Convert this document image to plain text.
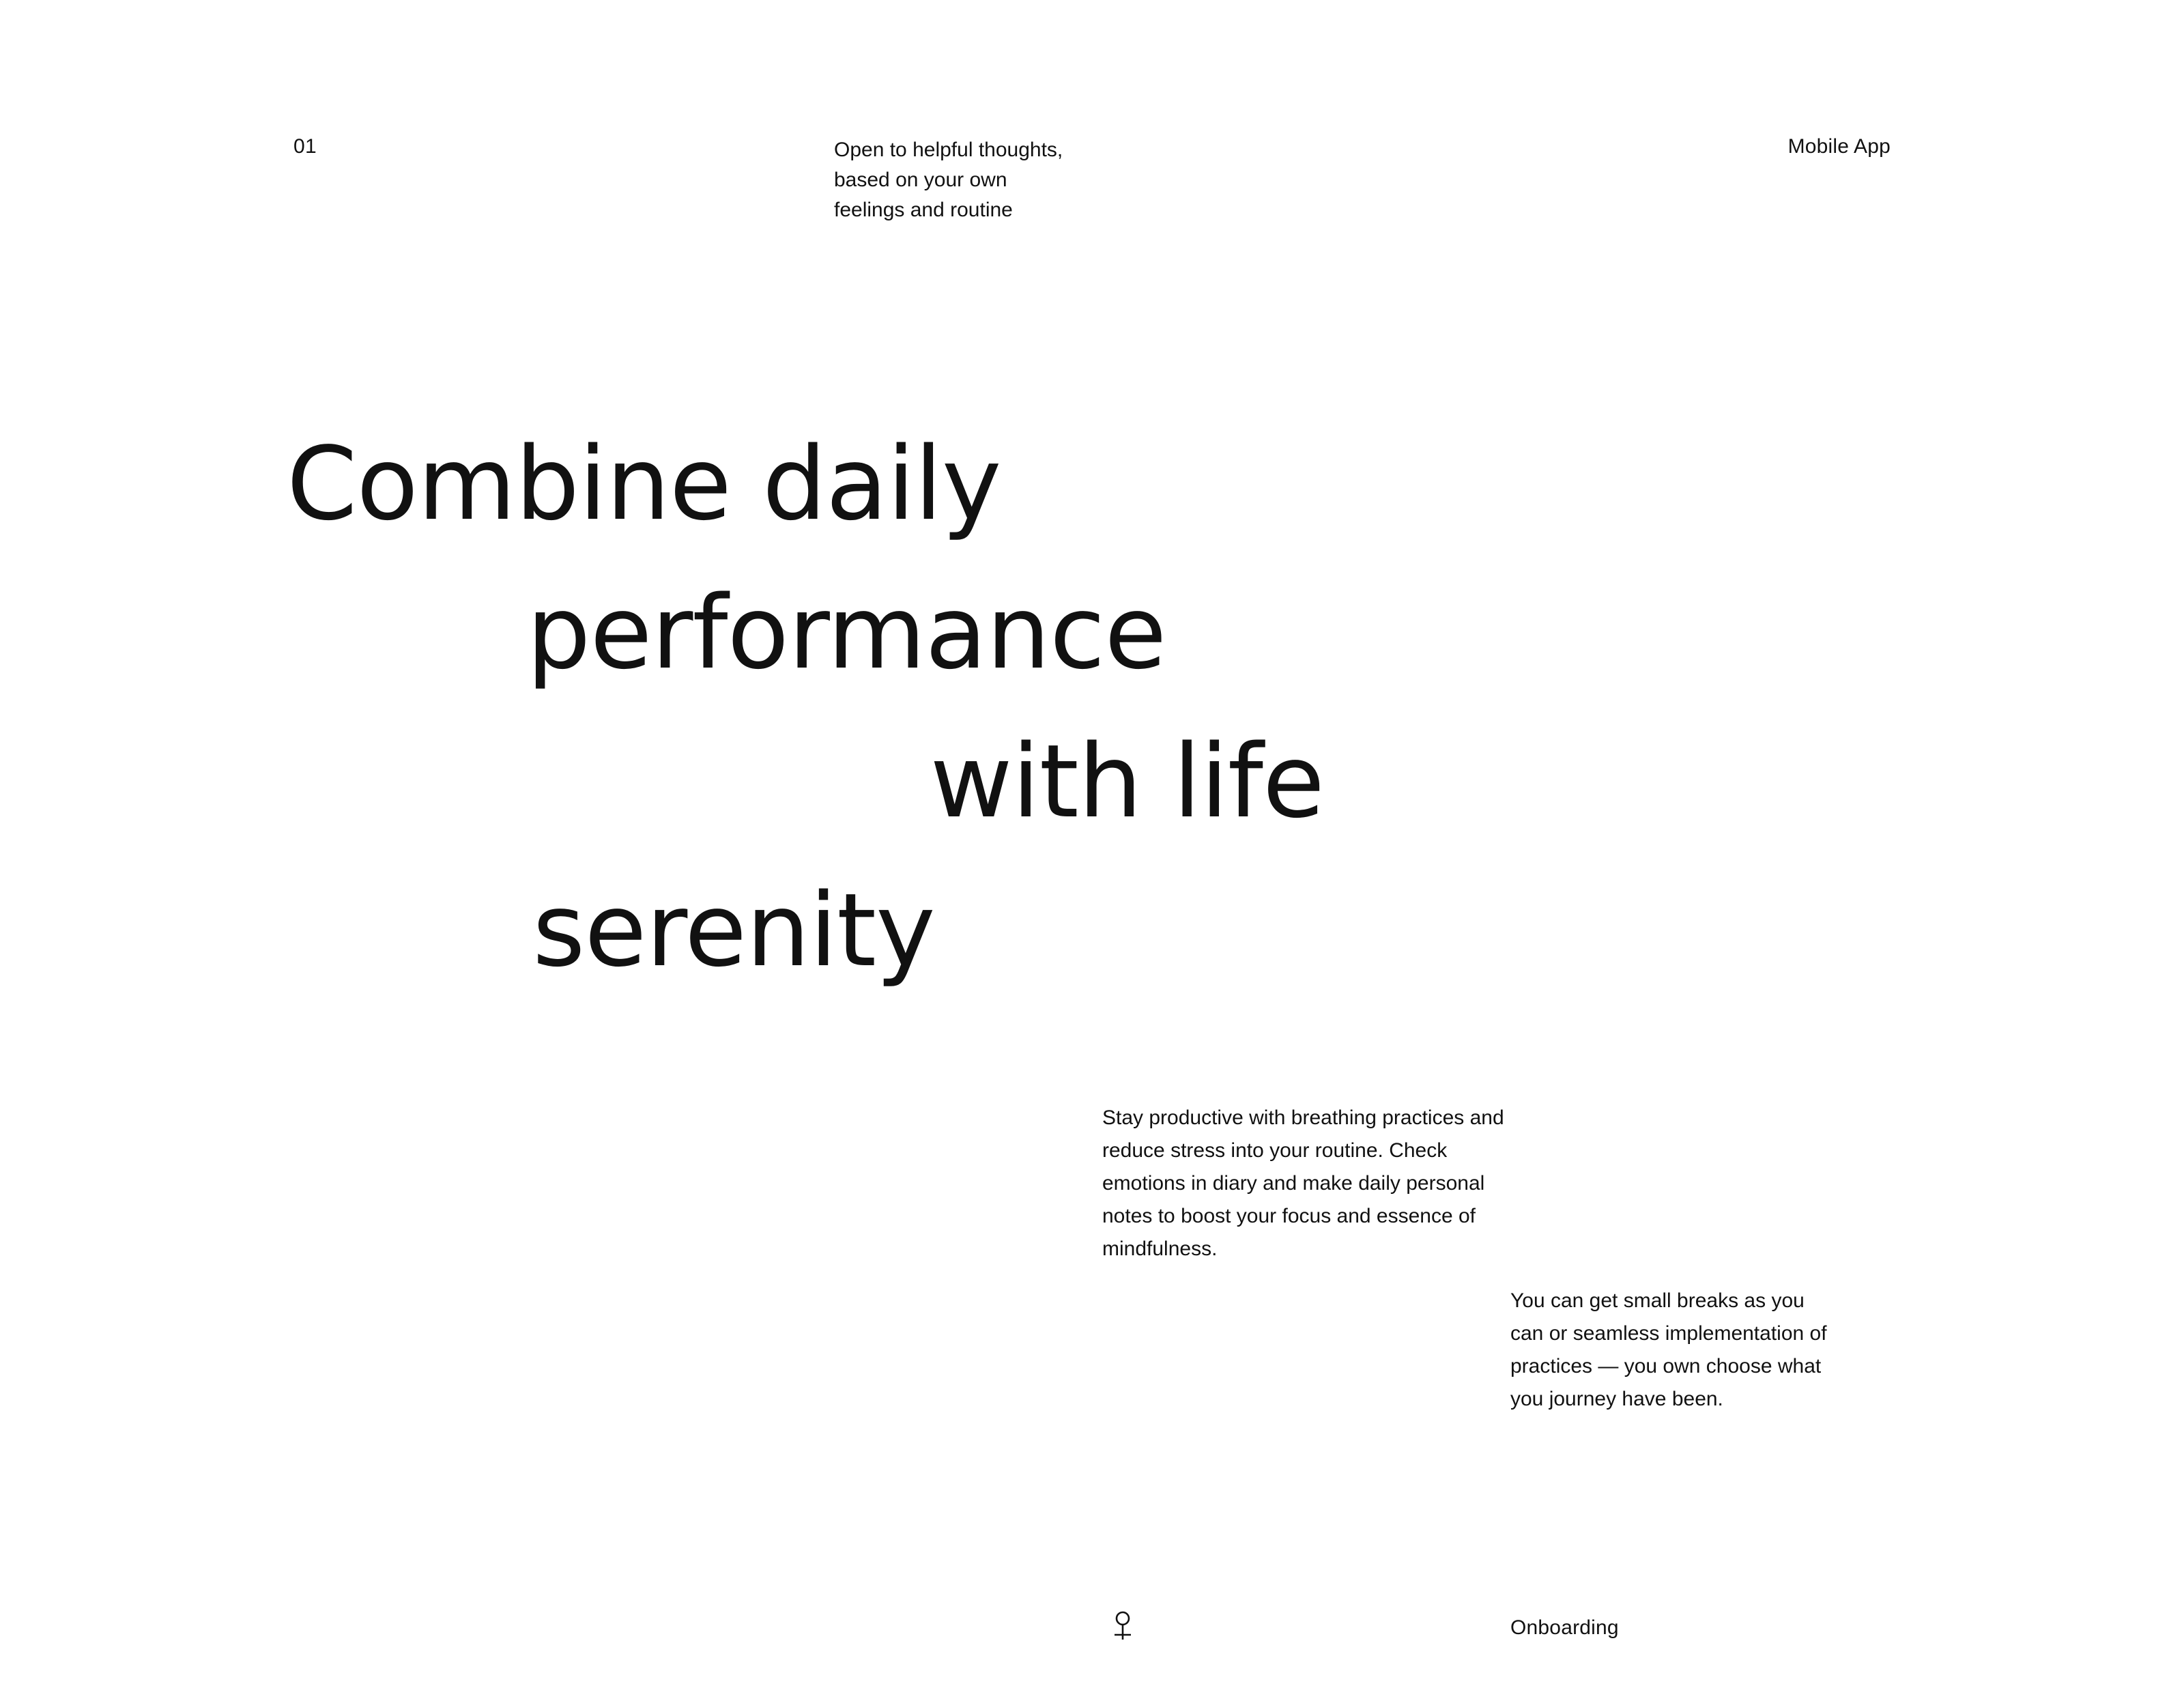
01	Open to helpful thoughts,
based on your own
feelings and routine
Mobile App
Combine daily
performance
with life
serenity
Stay productive with breathing practices and reduce stress into your routine. Check emotions in diary and make daily personal notes to boost your focus and essence of mindfulness.
You can get small breaks as you can or seamless implementation of practices — you own choose what you journey have been.
Onboarding
